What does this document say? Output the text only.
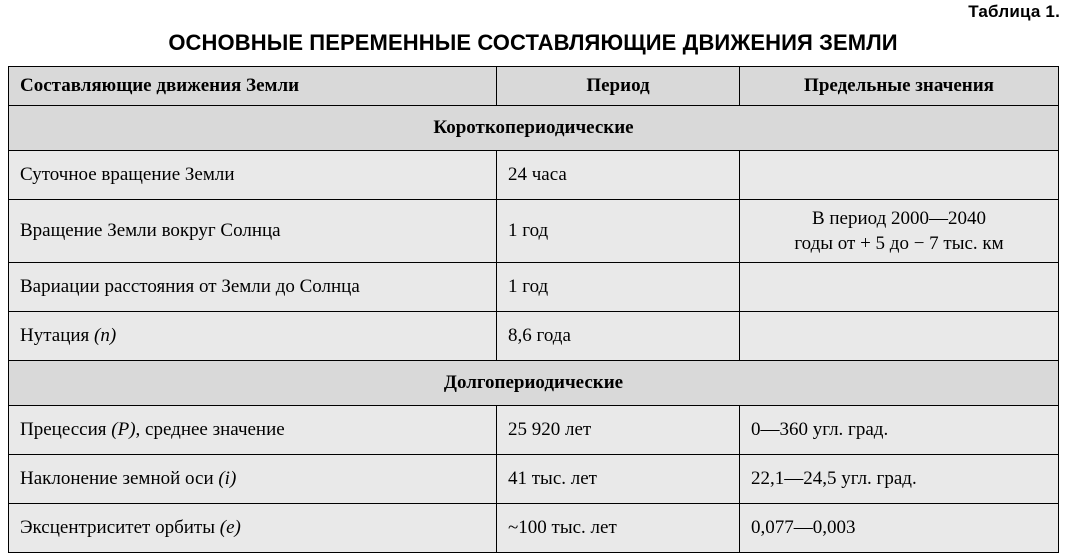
Таблица 1.
ОСНОВНЫЕ ПЕРЕМЕННЫЕ СОСТАВЛЯЮЩИЕ ДВИЖЕНИЯ ЗЕМЛИ
Составляющие движения Земли	Период	Предельные значения
Короткопериодические		
Суточное вращение Земли	24 часа	
Вращение Земли вокруг Солнца	1 год	В период 2000—2040
годы от + 5 до − 7 тыс. км

Вариации расстояния от Земли до Солнца	1 год	
Нутация (n)	8,6 года	
Долгопериодические		
Прецессия (P), среднее значение	25 920 лет	0—360 угл. град.
Наклонение земной оси (i)	41 тыс. лет	22,1—24,5 угл. град.
Эксцентриситет орбиты (e)	~100 тыс. лет	0,077—0,003
